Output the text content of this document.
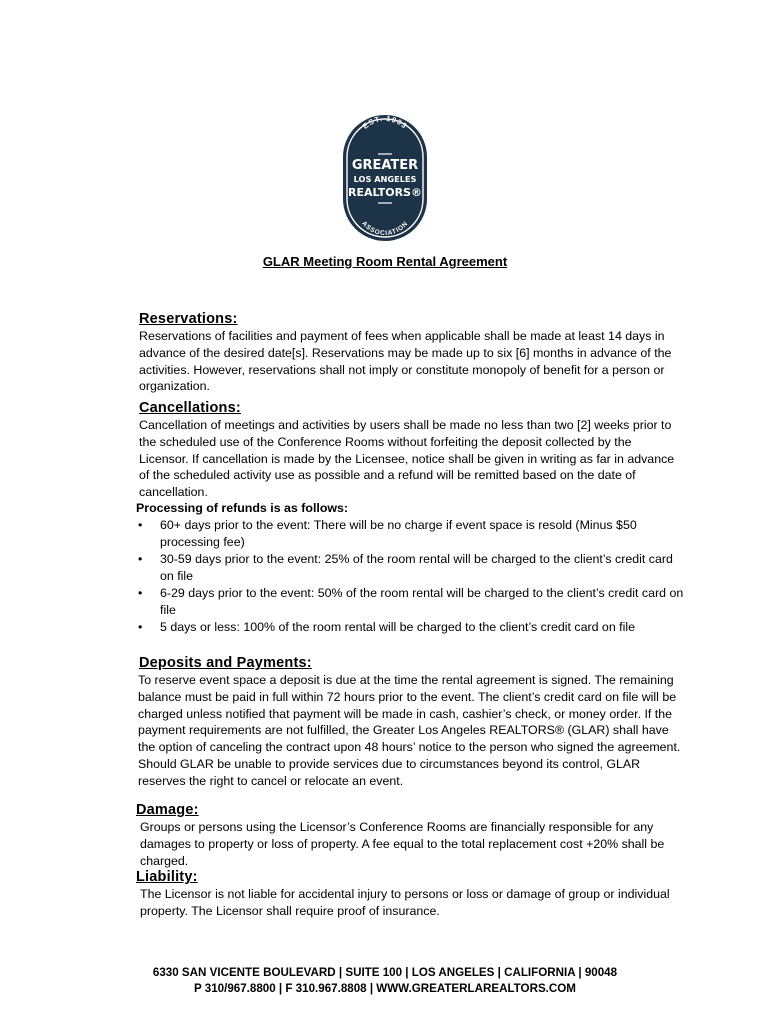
EST. 1903
GREATER
LOS ANGELES
REALTORS®
ASSOCIATION
GLAR Meeting Room Rental Agreement

Reservations:

Reservations of facilities and payment of fees when applicable shall be made at least 14 days in advance of the desired date[s]. Reservations may be made up to six [6] months in advance of the activities. However, reservations shall not imply or constitute monopoly of benefit for a person or organization.

Cancellations:

Cancellation of meetings and activities by users shall be made no less than two [2] weeks prior to the scheduled use of the Conference Rooms without forfeiting the deposit collected by the Licensor. If cancellation is made by the Licensee, notice shall be given in writing as far in advance of the scheduled activity use as possible and a refund will be remitted based on the date of cancellation.

Processing of refunds is as follows:

• 60+ days prior to the event: There will be no charge if event space is resold (Minus $50 processing fee)
• 30-59 days prior to the event: 25% of the room rental will be charged to the client’s credit card on file
• 6-29 days prior to the event: 50% of the room rental will be charged to the client’s credit card on file
• 5 days or less: 100% of the room rental will be charged to the client’s credit card on file

Deposits and Payments:

To reserve event space a deposit is due at the time the rental agreement is signed. The remaining balance must be paid in full within 72 hours prior to the event. The client’s credit card on file will be charged unless notified that payment will be made in cash, cashier’s check, or money order. If the payment requirements are not fulfilled, the Greater Los Angeles REALTORS® (GLAR) shall have the option of canceling the contract upon 48 hours’ notice to the person who signed the agreement. Should GLAR be unable to provide services due to circumstances beyond its control, GLAR reserves the right to cancel or relocate an event.

Damage:

Groups or persons using the Licensor’s Conference Rooms are financially responsible for any damages to property or loss of property. A fee equal to the total replacement cost +20% shall be charged.

Liability:

The Licensor is not liable for accidental injury to persons or loss or damage of group or individual property. The Licensor shall require proof of insurance.

6330 SAN VICENTE BOULEVARD | SUITE 100 | LOS ANGELES | CALIFORNIA | 90048
P 310/967.8800 | F 310.967.8808 | WWW.GREATERLAREALTORS.COM
